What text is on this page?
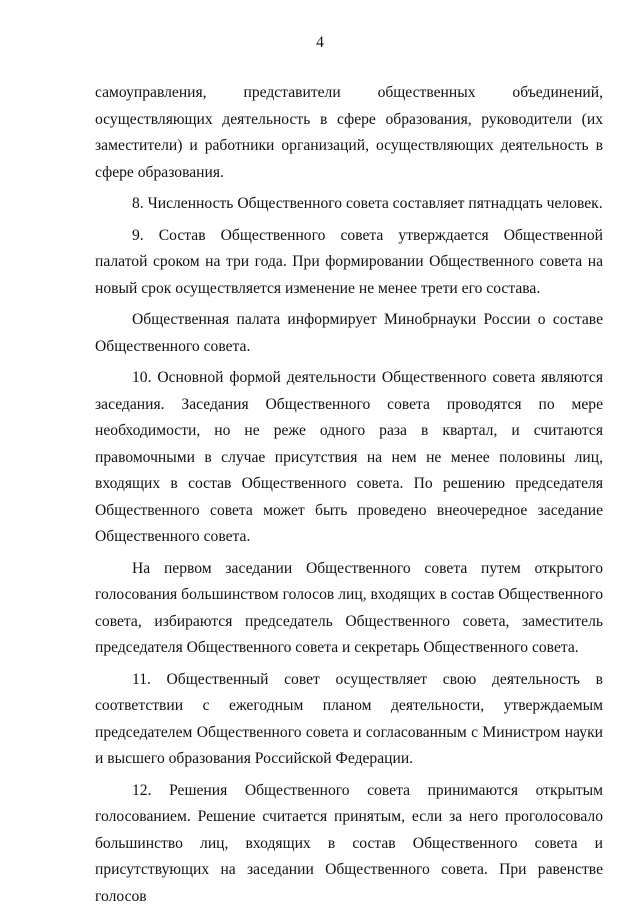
4

самоуправления, представители общественных объединений, осуществляющих деятельность в сфере образования, руководители (их заместители) и работники организаций, осуществляющих деятельность в сфере образования.

8. Численность Общественного совета составляет пятнадцать человек.

9. Состав Общественного совета утверждается Общественной палатой сроком на три года. При формировании Общественного совета на новый срок осуществляется изменение не менее трети его состава.

Общественная палата информирует Минобрнауки России о составе Общественного совета.

10. Основной формой деятельности Общественного совета являются заседания. Заседания Общественного совета проводятся по мере необходимости, но не реже одного раза в квартал, и считаются правомочными в случае присутствия на нем не менее половины лиц, входящих в состав Общественного совета. По решению председателя Общественного совета может быть проведено внеочередное заседание Общественного совета.

На первом заседании Общественного совета путем открытого голосования большинством голосов лиц, входящих в состав Общественного совета, избираются председатель Общественного совета, заместитель председателя Общественного совета и секретарь Общественного совета.

11. Общественный совет осуществляет свою деятельность в соответствии с ежегодным планом деятельности, утверждаемым председателем Общественного совета и согласованным с Министром науки и высшего образования Российской Федерации.

12. Решения Общественного совета принимаются открытым голосованием. Решение считается принятым, если за него проголосовало большинство лиц, входящих в состав Общественного совета и присутствующих на заседании Общественного совета. При равенстве голосов
